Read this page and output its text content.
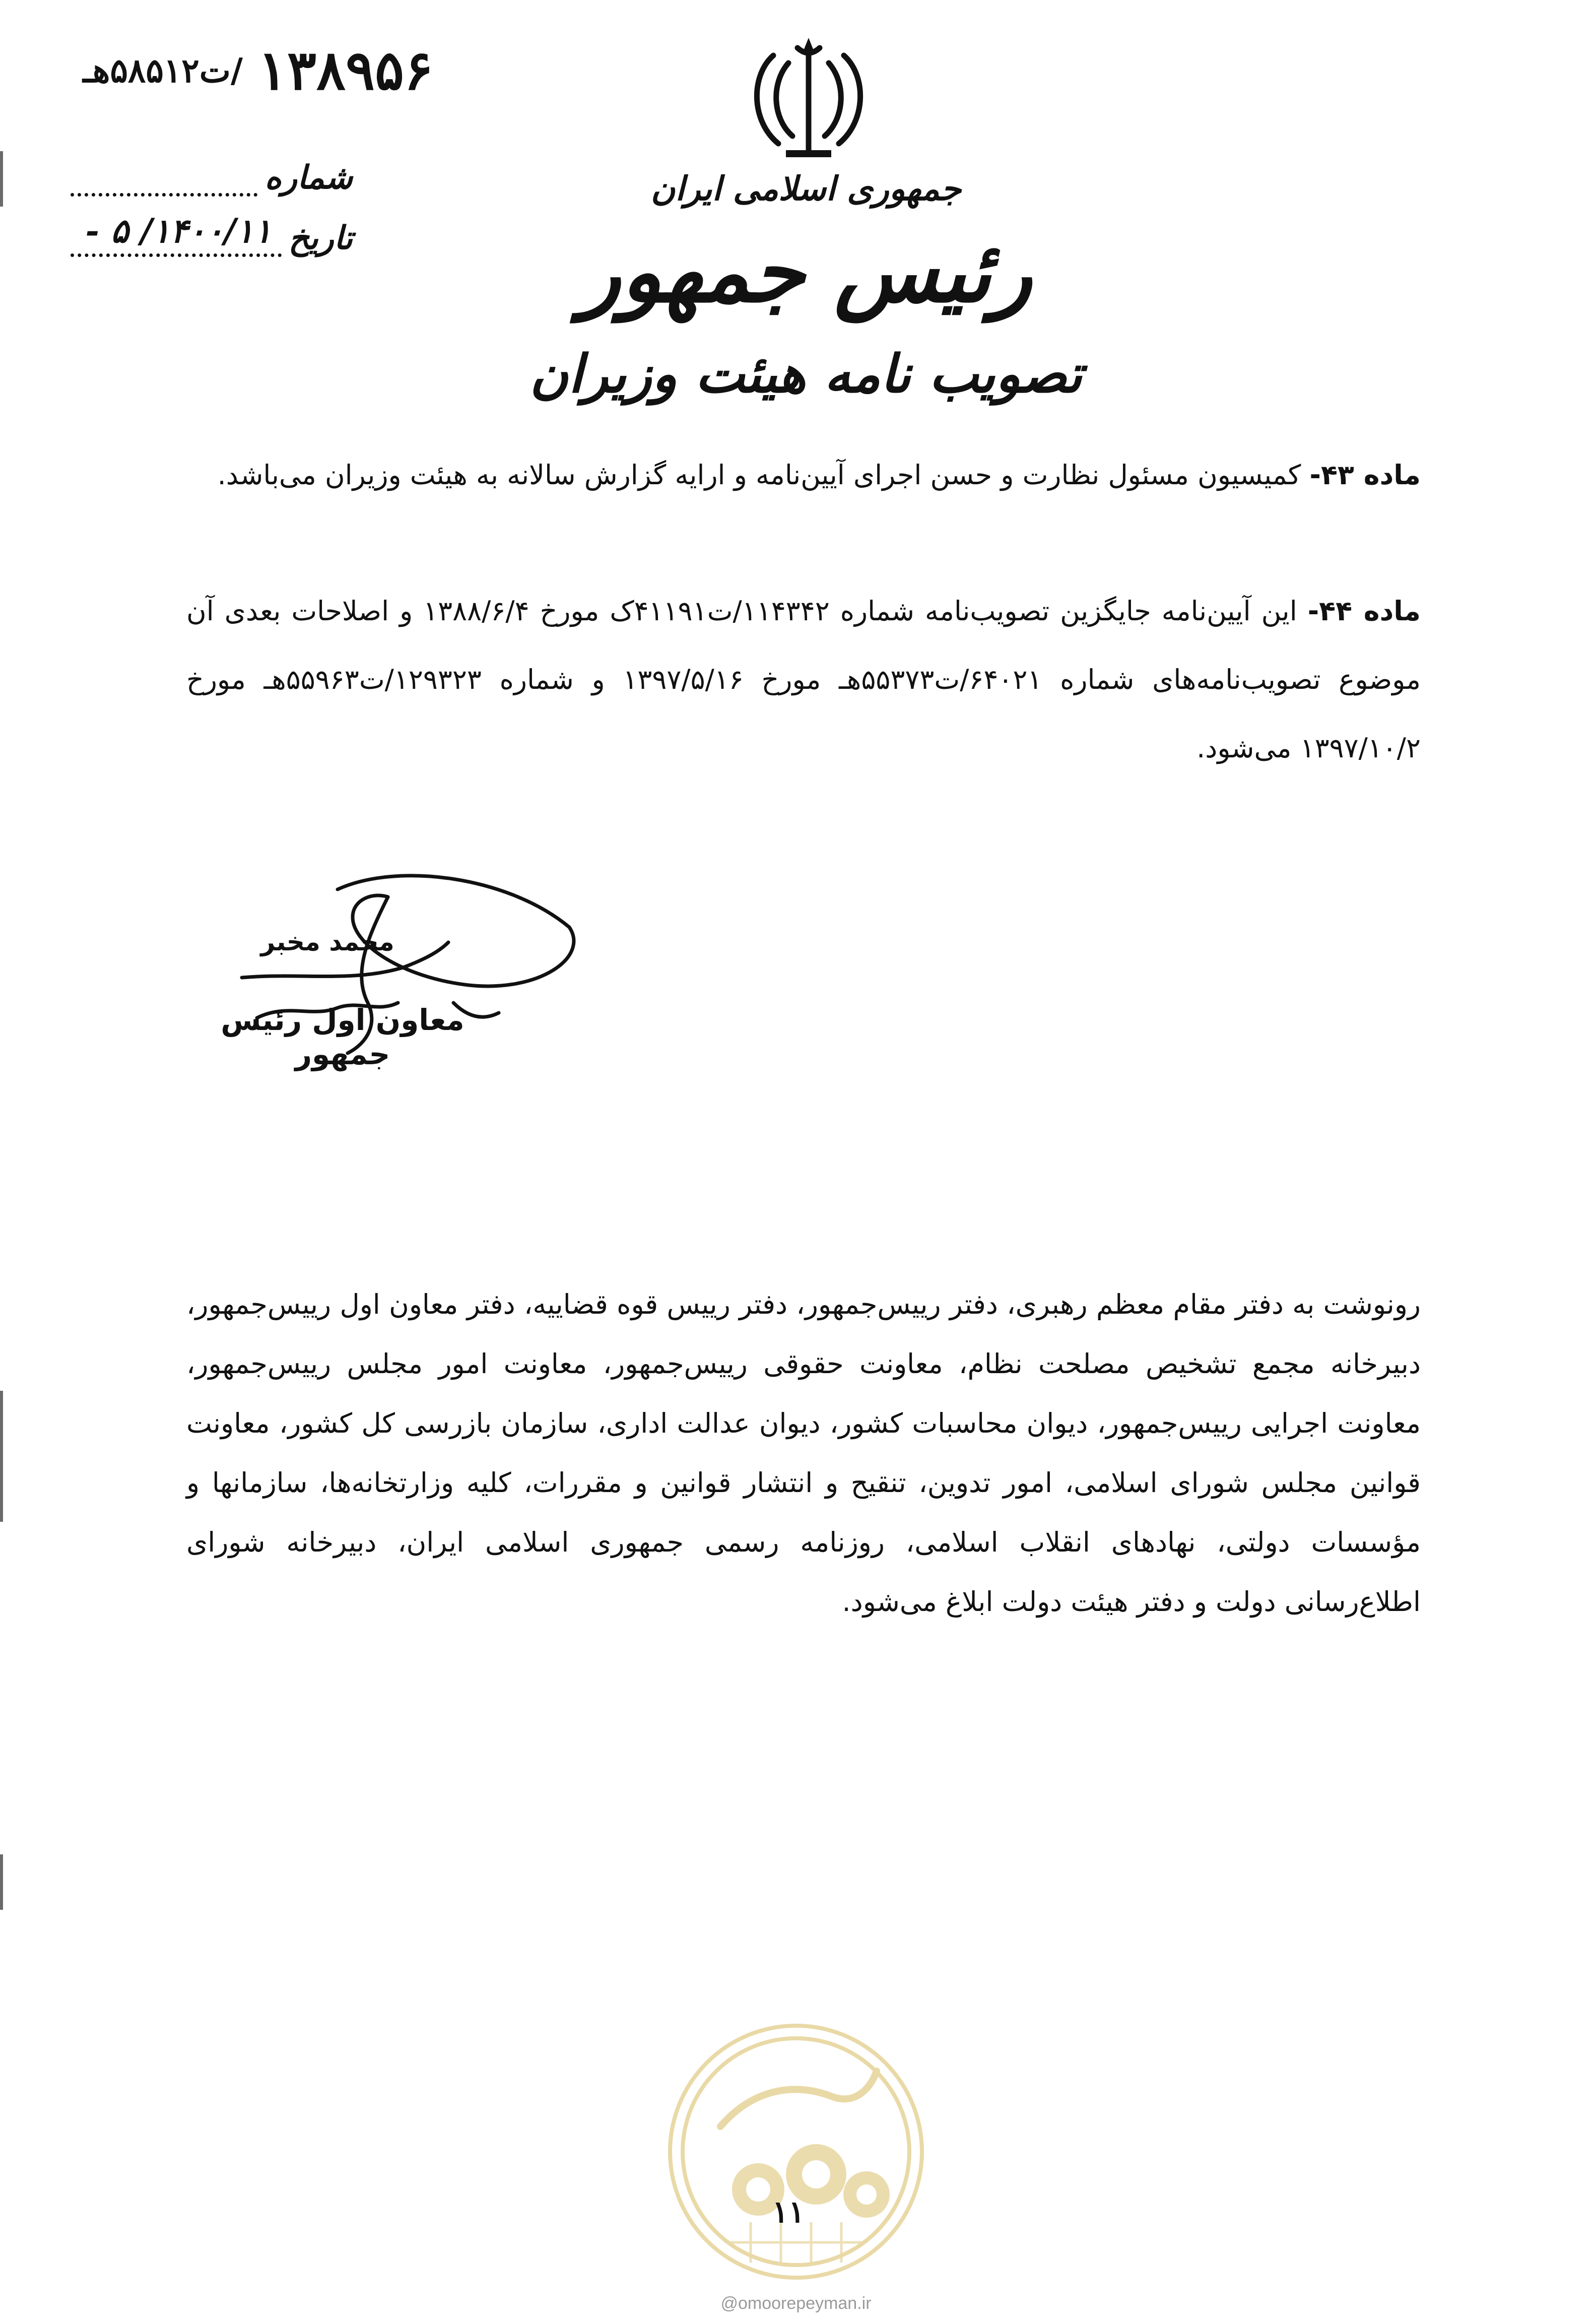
۱۳۸۹۵۶
/ت۵۸۵۱۲هـ
شماره
تاریخ
۱۴۰۰/۱۱/ ۵ -
جمهوری اسلامی ایران
رئیس جمهور
تصویب نامه هیئت وزیران
ماده ۴۳- کمیسیون مسئول نظارت و حسن اجرای آیین‌نامه و ارایه گزارش سالانه به هیئت وزیران می‌باشد.
ماده ۴۴- این آیین‌نامه جایگزین تصویب‌نامه شماره ۱۱۴۳۴۲/ت۴۱۱۹۱ک مورخ ۱۳۸۸/۶/۴ و اصلاحات بعدی آن موضوع تصویب‌نامه‌های شماره ۶۴۰۲۱/ت۵۵۳۷۳هـ مورخ ۱۳۹۷/۵/۱۶ و شماره ۱۲۹۳۲۳/ت۵۵۹۶۳هـ مورخ ۱۳۹۷/۱۰/۲ می‌شود.
محمد مخبر
معاون اول رئیس جمهور
رونوشت به دفتر مقام معظم رهبری، دفتر رییس‌جمهور، دفتر رییس قوه قضاییه، دفتر معاون اول رییس‌جمهور، دبیرخانه مجمع تشخیص مصلحت نظام، معاونت حقوقی رییس‌جمهور، معاونت امور مجلس رییس‌جمهور، معاونت اجرایی رییس‌جمهور، دیوان محاسبات کشور، دیوان عدالت اداری، سازمان بازرسی کل کشور، معاونت قوانین مجلس شورای اسلامی، امور تدوین، تنقیح و انتشار قوانین و مقررات، کلیه وزارتخانه‌ها، سازمانها و مؤسسات دولتی، نهادهای انقلاب اسلامی، روزنامه رسمی جمهوری اسلامی ایران، دبیرخانه شورای اطلاع‌رسانی دولت و دفتر هیئت دولت ابلاغ می‌شود.
۱۱
@omoorepeyman.ir
